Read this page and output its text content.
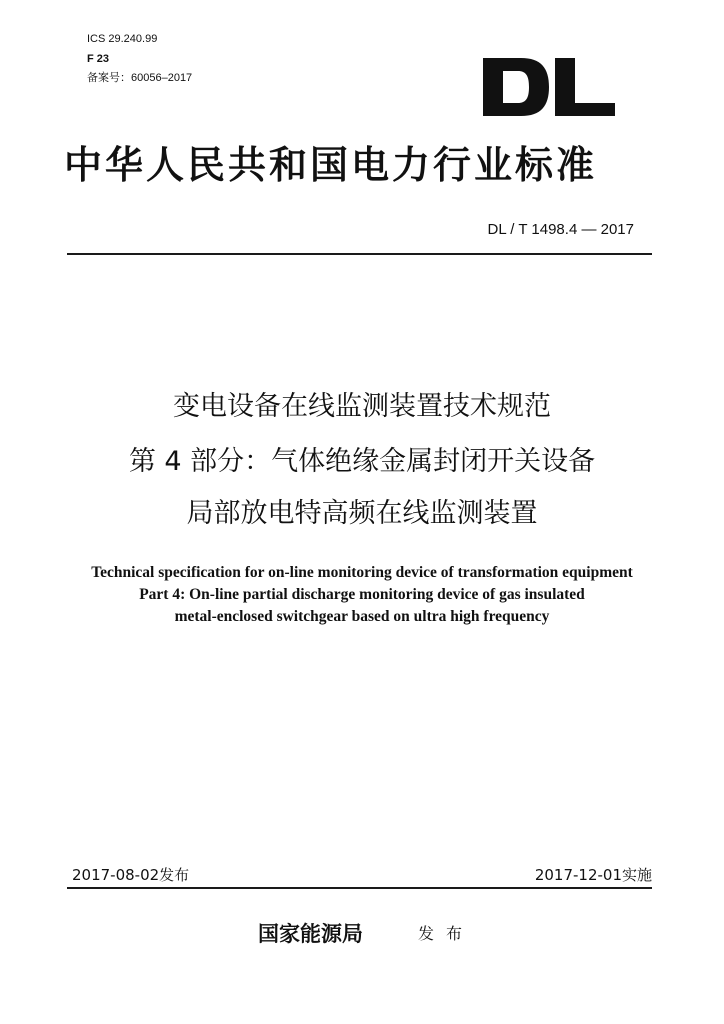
ICS 29.240.99
F 23
备案号：60056–2017
中华人民共和国电力行业标准
DL / T 1498.4 — 2017
变电设备在线监测装置技术规范
第 4 部分：气体绝缘金属封闭开关设备
局部放电特高频在线监测装置
Technical specification for on-line monitoring device of transformation equipment
Part 4: On-line partial discharge monitoring device of gas insulated
metal-enclosed switchgear based on ultra high frequency
2017-08-02发布	2017-12-01实施
国家能源局	发布
